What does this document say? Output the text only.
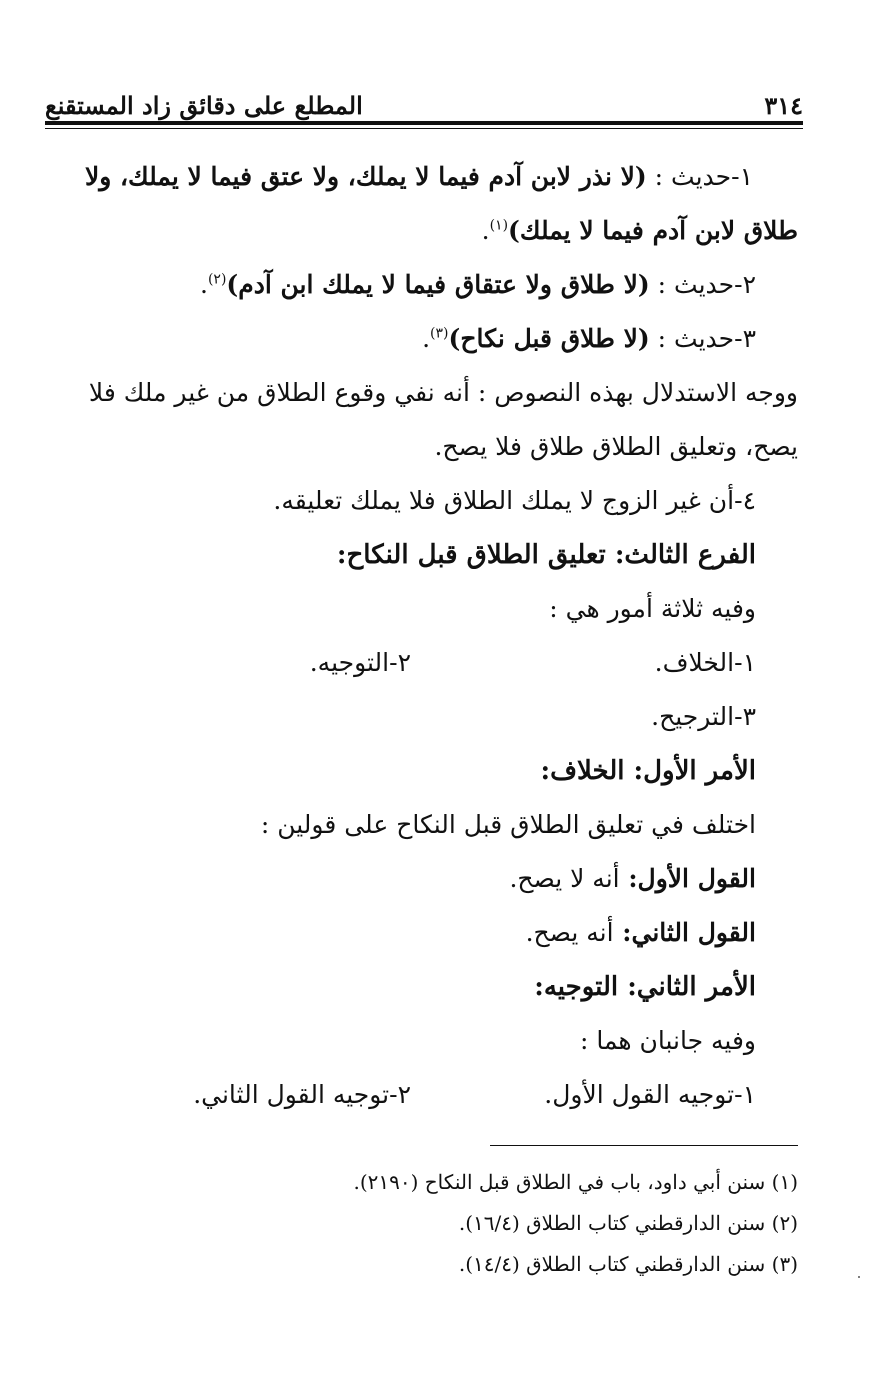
المطلع على دقائق زاد المستقنع	٣١٤
١-حديث : (لا نذر لابن آدم فيما لا يملك، ولا عتق فيما لا يملك، ولا
طلاق لابن آدم فيما لا يملك)$^{(١)}$.
٢-حديث : (لا طلاق ولا عتقاق فيما لا يملك ابن آدم)$^{(٢)}$.
٣-حديث : (لا طلاق قبل نكاح)$^{(٣)}$.
ووجه الاستدلال بهذه النصوص : أنه نفي وقوع الطلاق من غير ملك فلا
يصح، وتعليق الطلاق طلاق فلا يصح.
٤-أن غير الزوج لا يملك الطلاق فلا يملك تعليقه.
الفرع الثالث: تعليق الطلاق قبل النكاح:
وفيه ثلاثة أمور هي :
١-الخلاف.
٢-التوجيه.
٣-الترجيح.
الأمر الأول: الخلاف:
اختلف في تعليق الطلاق قبل النكاح على قولين :
القول الأول: أنه لا يصح.
القول الثاني: أنه يصح.
الأمر الثاني: التوجيه:
وفيه جانبان هما :
١-توجيه القول الأول.
٢-توجيه القول الثاني.
(١) سنن أبي داود، باب في الطلاق قبل النكاح (٢١٩٠).
(٢) سنن الدارقطني كتاب الطلاق (١٦/٤).
(٣) سنن الدارقطني كتاب الطلاق (١٤/٤).
